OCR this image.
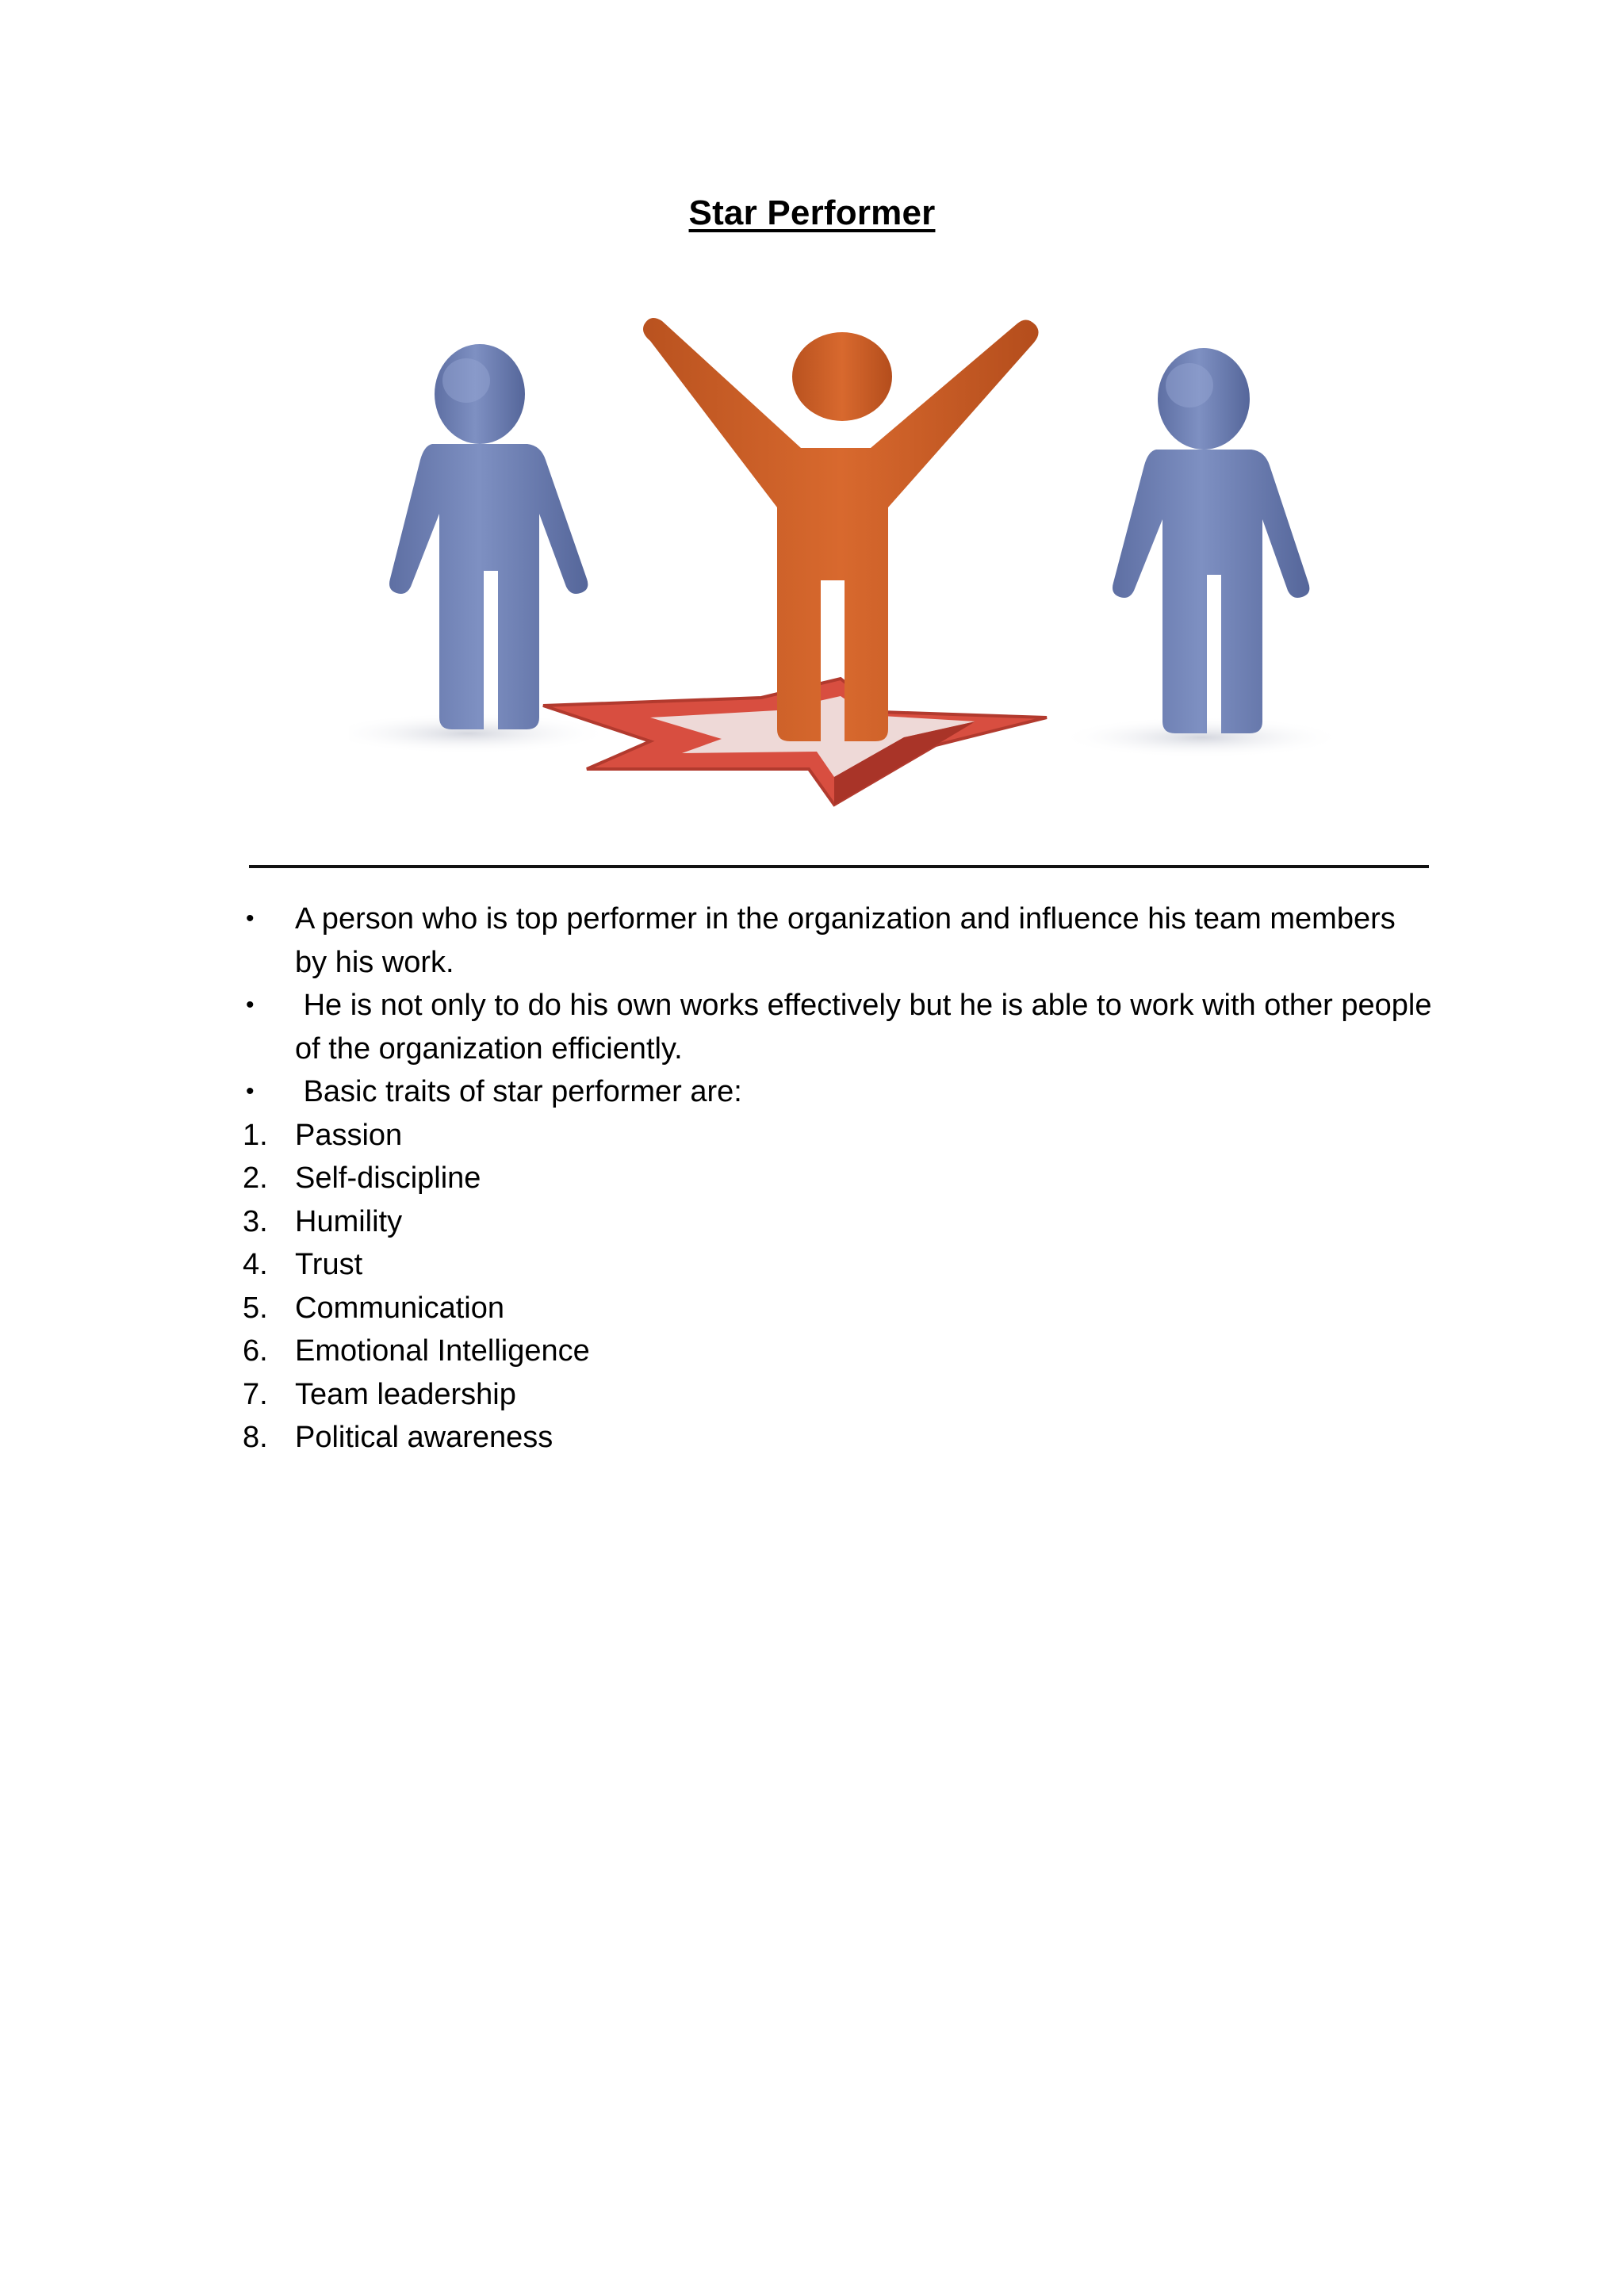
Star Performer
• A person who is top performer in the organization and influence his team members by his work.
• He is not only to do his own works effectively but he is able to work with other people of the organization efficiently.
• Basic traits of star performer are:
1. Passion
2. Self-discipline
3. Humility
4. Trust
5. Communication
6. Emotional Intelligence
7. Team leadership
8. Political awareness
